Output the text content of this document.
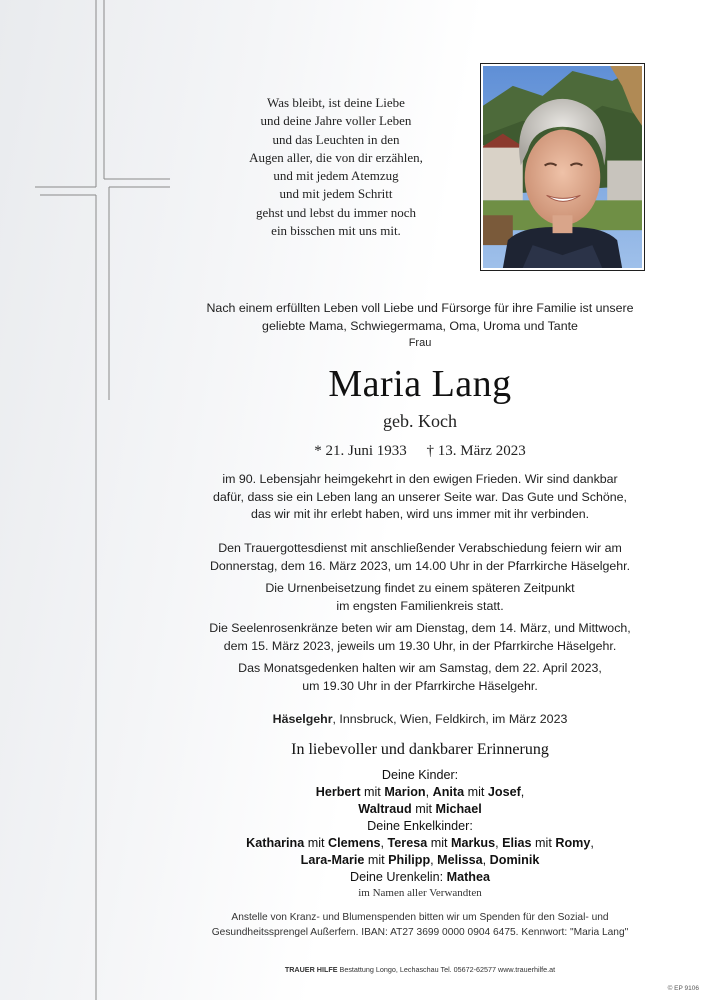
Was bleibt, ist deine Liebe
und deine Jahre voller Leben
und das Leuchten in den
Augen aller, die von dir erzählen,
und mit jedem Atemzug
und mit jedem Schritt
gehst und lebst du immer noch
ein bisschen mit uns mit.
Nach einem erfüllten Leben voll Liebe und Fürsorge für ihre Familie ist unsere
geliebte Mama, Schwiegermama, Oma, Uroma und Tante
Frau
Maria Lang
geb. Koch
* 21. Juni 1933 † 13. März 2023
im 90. Lebensjahr heimgekehrt in den ewigen Frieden. Wir sind dankbar
dafür, dass sie ein Leben lang an unserer Seite war. Das Gute und Schöne,
das wir mit ihr erlebt haben, wird uns immer mit ihr verbinden.
Den Trauergottesdienst mit anschließender Verabschiedung feiern wir am
Donnerstag, dem 16. März 2023, um 14.00 Uhr in der Pfarrkirche Häselgehr.
Die Urnenbeisetzung findet zu einem späteren Zeitpunkt
im engsten Familienkreis statt.
Die Seelenrosenkränze beten wir am Dienstag, dem 14. März, und Mittwoch,
dem 15. März 2023, jeweils um 19.30 Uhr, in der Pfarrkirche Häselgehr.
Das Monatsgedenken halten wir am Samstag, dem 22. April 2023,
um 19.30 Uhr in der Pfarrkirche Häselgehr.
Häselgehr, Innsbruck, Wien, Feldkirch, im März 2023
In liebevoller und dankbarer Erinnerung
Deine Kinder:
Herbert mit Marion, Anita mit Josef,
Waltraud mit Michael
Deine Enkelkinder:
Katharina mit Clemens, Teresa mit Markus, Elias mit Romy,
Lara-Marie mit Philipp, Melissa, Dominik
Deine Urenkelin: Mathea
im Namen aller Verwandten
Anstelle von Kranz- und Blumenspenden bitten wir um Spenden für den Sozial- und
Gesundheitssprengel Außerfern. IBAN: AT27 3699 0000 0904 6475. Kennwort: "Maria Lang"
TRAUER HILFE Bestattung Longo, Lechaschau Tel. 05672-62577 www.trauerhilfe.at
© EP 9106
